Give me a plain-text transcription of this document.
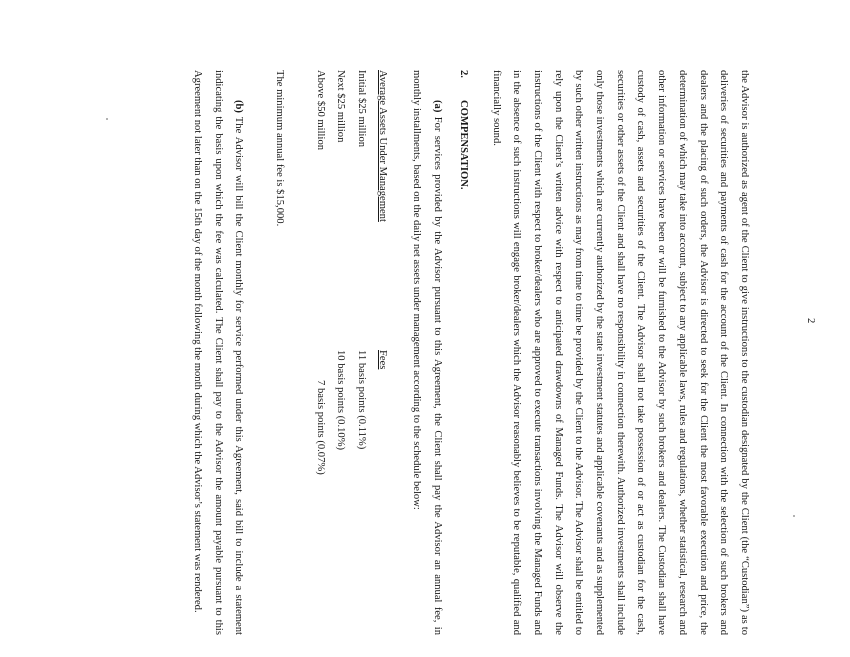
the Advisor is authorized as agent of the Client to give instructions to the custodian designated by the Client (the “Custodian”) as to deliveries of securities and payments of cash for the account of the Client. In connection with the selection of such brokers and dealers and the placing of such orders, the Advisor is directed to seek for the Client the most favorable execution and price, the determination of which may take into account, subject to any applicable laws, rules and regulations, whether statistical, research and other information or services have been or will be furnished to the Advisor by such brokers and dealers. The Custodian shall have custody of cash, assets and securities of the Client. The Advisor shall not take possession of or act as custodian for the cash, securities or other assets of the Client and shall have no responsibility in connection therewith. Authorized investments shall include only those investments which are currently authorized by the state investment statutes and applicable covenants and as supplemented by such other written instructions as may from time to time be provided by the Client to the Advisor. The Advisor shall be entitled to rely upon the Client’s written advice with respect to anticipated drawdowns of Managed Funds. The Advisor will observe the instructions of the Client with respect to broker/dealers who are approved to execute transactions involving the Managed Funds and in the absence of such instructions will engage broker/dealers which the Advisor reasonably believes to be reputable, qualified and financially sound.

2.COMPENSATION.

(a) For services provided by the Advisor pursuant to this Agreement, the Client shall pay the Advisor an annual fee, in monthly installments, based on the daily net assets under management according to the schedule below:

Average Assets Under Management
Fees
Initial $25 million
11 basis points (0.11%)
Next $25 million
10 basis points (0.10%)
Above $50 million
7 basis points (0.07%)

The minimum annual fee is $15,000.

(b) The Advisor will bill the Client monthly for service performed under this Agreement, said bill to include a statement indicating the basis upon which the fee was calculated. The Client shall pay to the Advisor the amount payable pursuant to this Agreement not later than on the 15th day of the month following the month during which the Advisor’s statement was rendered.	2
